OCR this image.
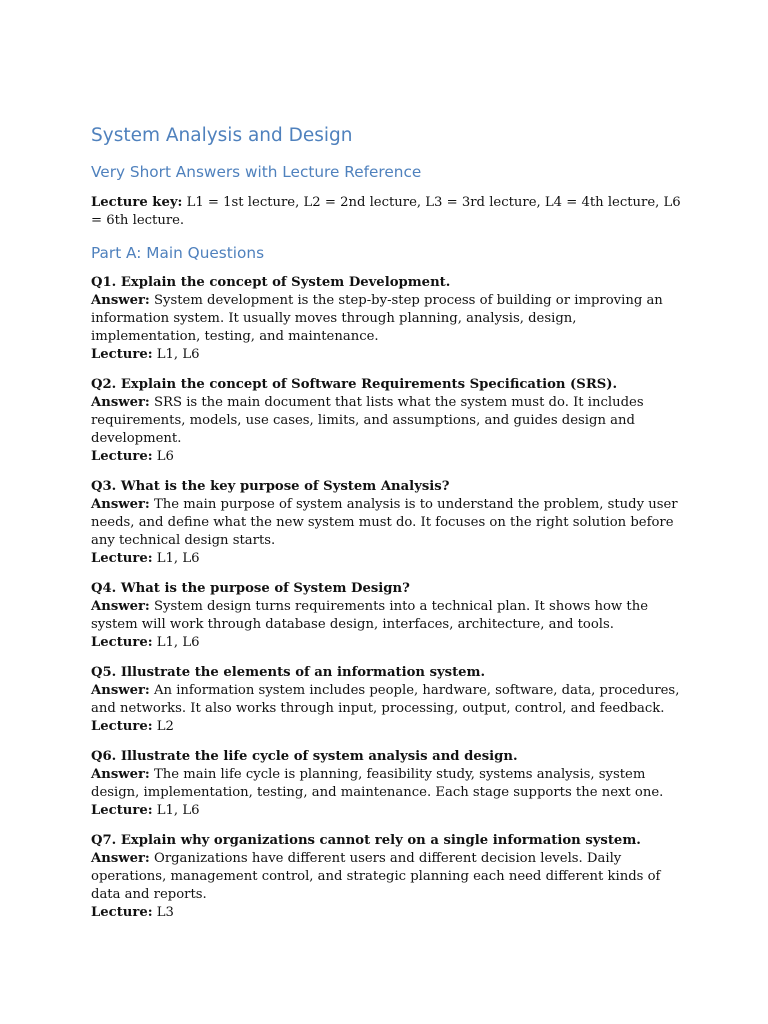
System Analysis and Design
Very Short Answers with Lecture Reference
Lecture key: L1 = 1st lecture, L2 = 2nd lecture, L3 = 3rd lecture, L4 = 4th lecture, L6 = 6th lecture.
Part A: Main Questions
Q1. Explain the concept of System Development.
Answer: System development is the step-by-step process of building or improving an information system. It usually moves through planning, analysis, design, implementation, testing, and maintenance.
Lecture: L1, L6
Q2. Explain the concept of Software Requirements Specification (SRS).
Answer: SRS is the main document that lists what the system must do. It includes requirements, models, use cases, limits, and assumptions, and guides design and development.
Lecture: L6
Q3. What is the key purpose of System Analysis?
Answer: The main purpose of system analysis is to understand the problem, study user needs, and define what the new system must do. It focuses on the right solution before any technical design starts.
Lecture: L1, L6
Q4. What is the purpose of System Design?
Answer: System design turns requirements into a technical plan. It shows how the system will work through database design, interfaces, architecture, and tools.
Lecture: L1, L6
Q5. Illustrate the elements of an information system.
Answer: An information system includes people, hardware, software, data, procedures, and networks. It also works through input, processing, output, control, and feedback.
Lecture: L2
Q6. Illustrate the life cycle of system analysis and design.
Answer: The main life cycle is planning, feasibility study, systems analysis, system design, implementation, testing, and maintenance. Each stage supports the next one.
Lecture: L1, L6
Q7. Explain why organizations cannot rely on a single information system.
Answer: Organizations have different users and different decision levels. Daily operations, management control, and strategic planning each need different kinds of data and reports.
Lecture: L3
